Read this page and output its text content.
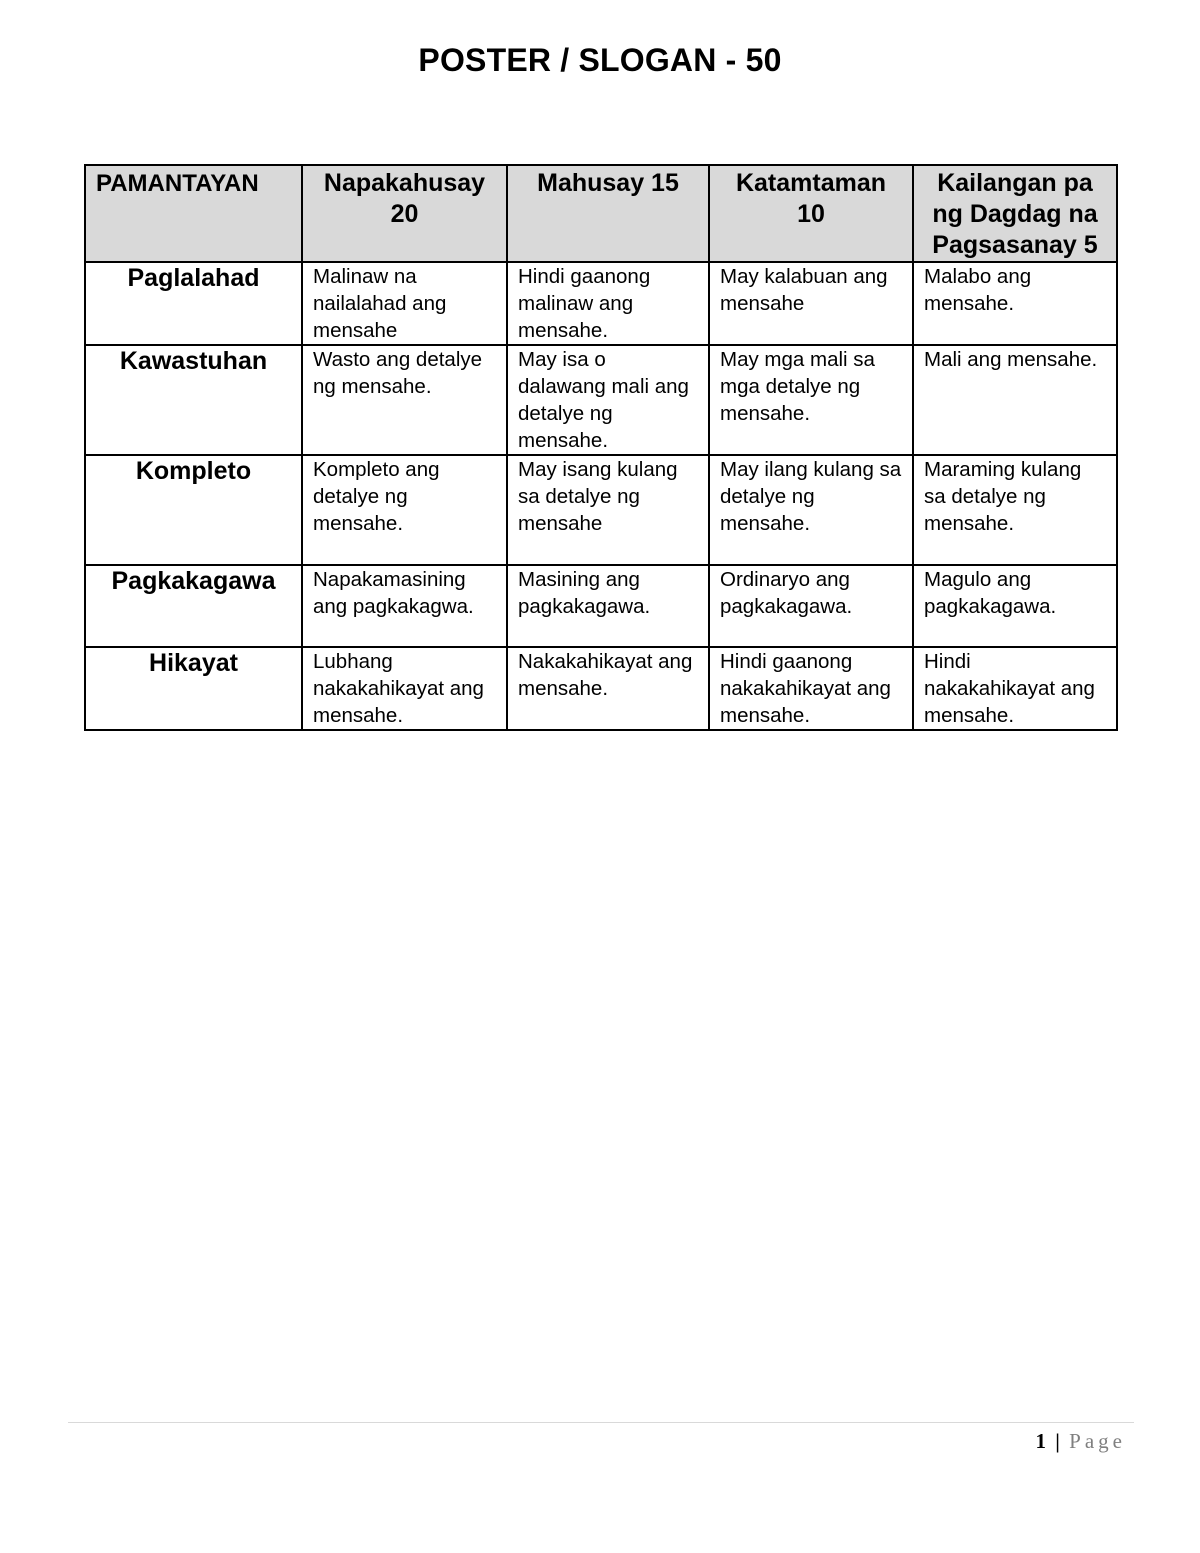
POSTER / SLOGAN - 50
PAMANTAYAN	Napakahusay 20	Mahusay 15	Katamtaman 10	Kailangan pa ng Dagdag na Pagsasanay 5
Paglalahad	Malinaw na nailalahad ang mensahe	Hindi gaanong malinaw ang mensahe.	May kalabuan ang mensahe	Malabo ang mensahe.
Kawastuhan	Wasto ang detalye ng mensahe.	May isa o dalawang mali ang detalye ng mensahe.	May mga mali sa mga detalye ng mensahe.	Mali ang mensahe.
Kompleto	Kompleto ang detalye ng mensahe.	May isang kulang sa detalye ng mensahe	May ilang kulang sa detalye ng mensahe.	Maraming kulang sa detalye ng mensahe.
Pagkakagawa	Napakamasining ang pagkakagwa.	Masining ang pagkakagawa.	Ordinaryo ang pagkakagawa.	Magulo ang pagkakagawa.
Hikayat	Lubhang nakakahikayat ang mensahe.	Nakakahikayat ang mensahe.	Hindi gaanong nakakahikayat ang mensahe.	Hindi nakakahikayat ang mensahe.
1 | Page
